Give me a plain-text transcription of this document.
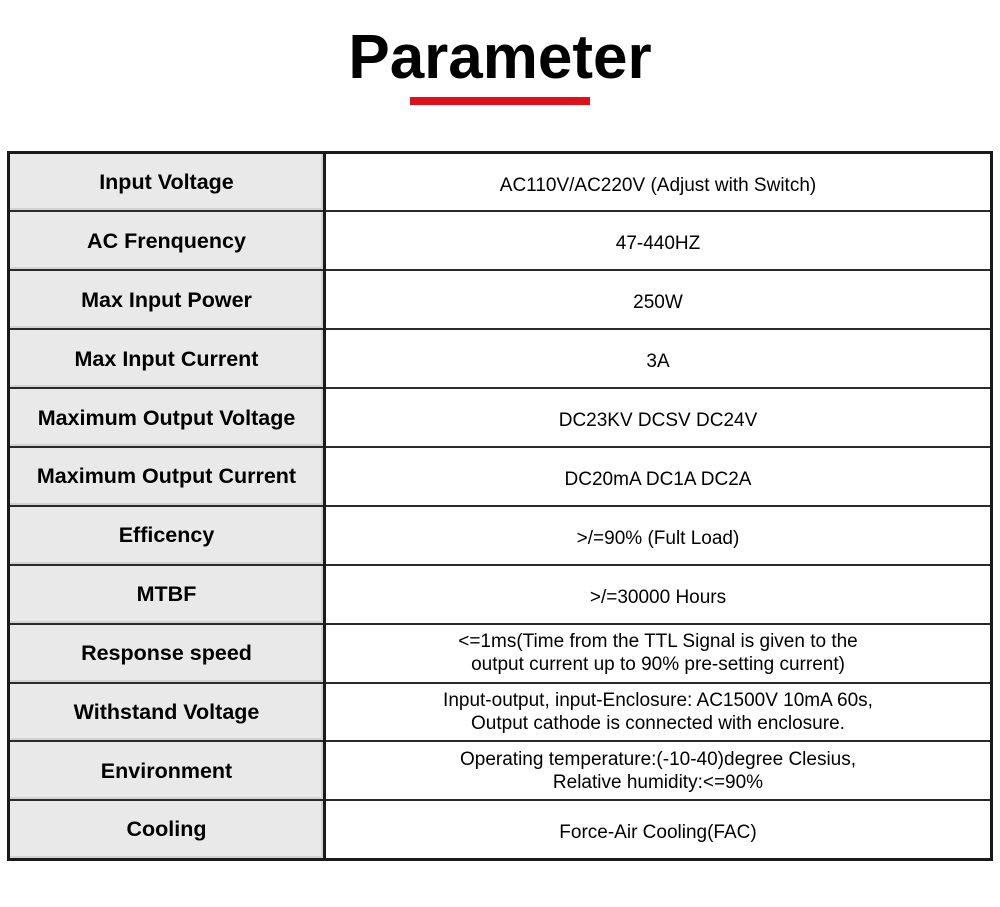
Parameter
Input Voltage	AC110V/AC220V (Adjust with Switch)
AC Frenquency	47-440HZ
Max Input Power	250W
Max Input Current	3A
Maximum Output Voltage	DC23KV DCSV DC24V
Maximum Output Current	DC20mA DC1A DC2A
Efficency	>/=90% (Fult Load)
MTBF	>/=30000 Hours
Response speed	<=1ms(Time from the TTL Signal is given to the
output current up to 90% pre-setting current)
Withstand Voltage	Input-output, input-Enclosure: AC1500V 10mA 60s,
Output cathode is connected with enclosure.
Environment	Operating temperature:(-10-40)degree Clesius,
Relative humidity:<=90%
Cooling	Force-Air Cooling(FAC)
